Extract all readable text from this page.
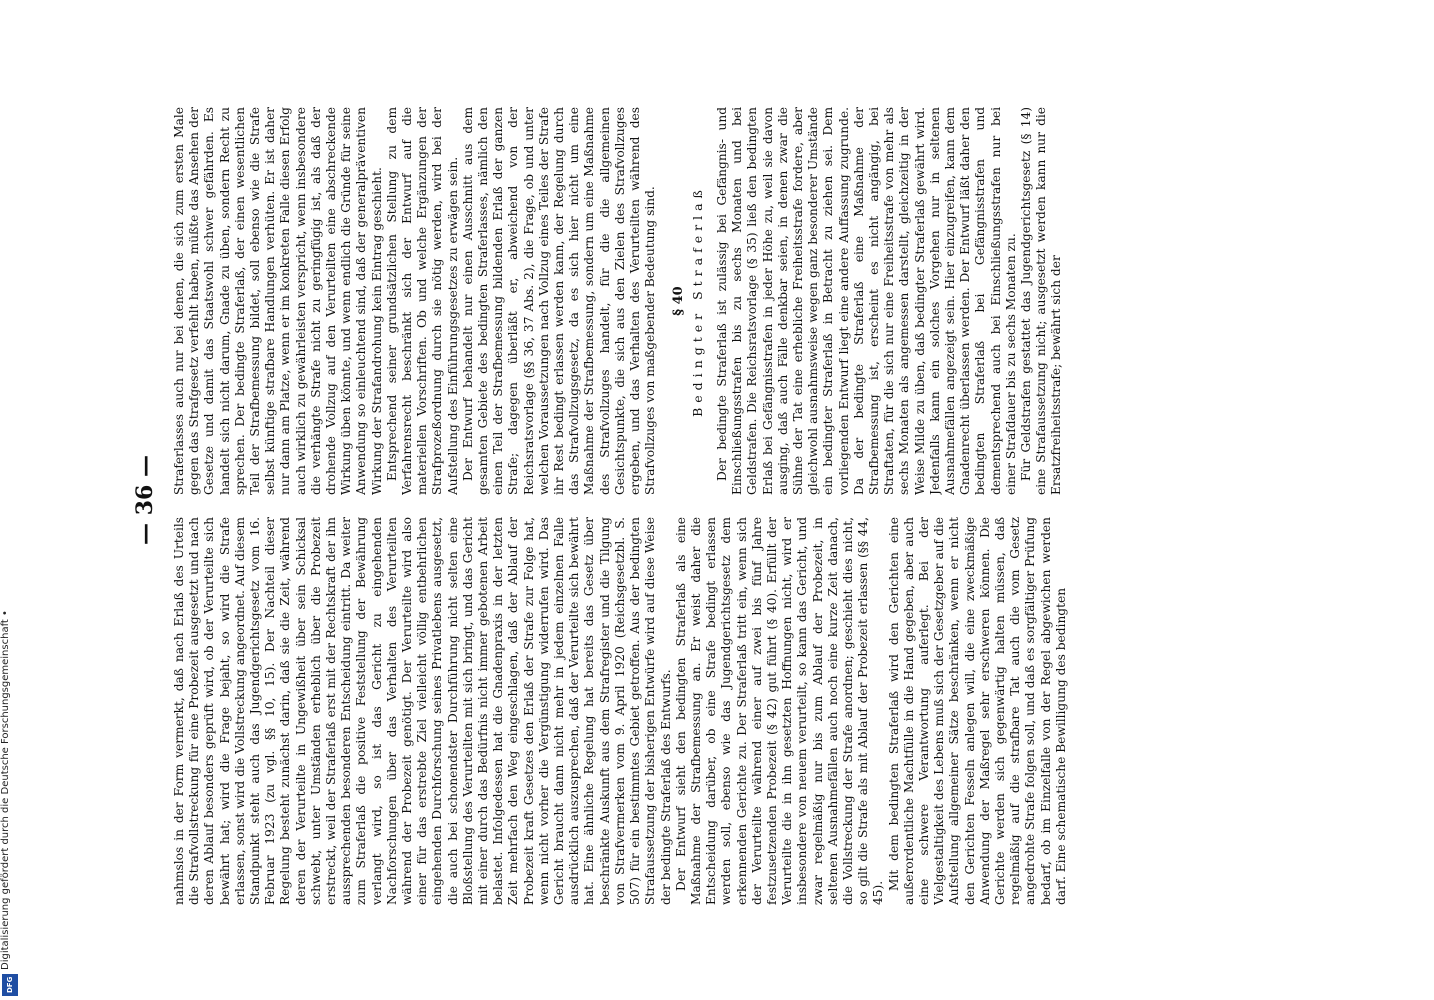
— 36 —

nahmslos in der Form vermerkt, daß nach Erlaß des Urteils die Strafvollstreckung für eine Probezeit ausgesetzt und nach deren Ablauf besonders geprüft wird, ob der Verurteilte sich bewährt hat; wird die Frage bejaht, so wird die Strafe erlassen, sonst wird die Vollstreckung angeordnet. Auf diesem Standpunkt steht auch das Jugendgerichtsgesetz vom 16. Februar 1923 (zu vgl. §§ 10, 15). Der Nachteil dieser Regelung besteht zunächst darin, daß sie die Zeit, während deren der Verurteilte in Ungewißheit über sein Schicksal schwebt, unter Umständen erheblich über die Probezeit erstreckt, weil der Straferlaß erst mit der Rechtskraft der ihn aussprechenden besonderen Entscheidung eintritt. Da weiter zum Straferlaß die positive Feststellung der Bewährung verlangt wird, so ist das Gericht zu eingehenden Nachforschungen über das Verhalten des Verurteilten während der Probezeit genötigt. Der Verurteilte wird also einer für das erstrebte Ziel vielleicht völlig entbehrlichen eingehenden Durchforschung seines Privatlebens ausgesetzt, die auch bei schonendster Durchführung nicht selten eine Bloßstellung des Verurteilten mit sich bringt, und das Gericht mit einer durch das Bedürfnis nicht immer gebotenen Arbeit belastet. Infolgedessen hat die Gnadenpraxis in der letzten Zeit mehrfach den Weg eingeschlagen, daß der Ablauf der Probezeit kraft Gesetzes den Erlaß der Strafe zur Folge hat, wenn nicht vorher die Vergünstigung widerrufen wird. Das Gericht braucht dann nicht mehr in jedem einzelnen Falle ausdrücklich auszusprechen, daß der Verurteilte sich bewährt hat. Eine ähnliche Regelung hat bereits das Gesetz über beschränkte Auskunft aus dem Strafregister und die Tilgung von Strafvermerken vom 9. April 1920 (Reichsgesetzbl. S. 507) für ein bestimmtes Gebiet getroffen. Aus der bedingten Strafaussetzung der bisherigen Entwürfe wird auf diese Weise der bedingte Straferlaß des Entwurfs. Der Entwurf sieht den bedingten Straferlaß als eine Maßnahme der Strafbemessung an. Er weist daher die Entscheidung darüber, ob eine Strafe bedingt erlassen werden soll, ebenso wie das Jugendgerichtsgesetz dem erkennenden Gerichte zu. Der Straferlaß tritt ein, wenn sich der Verurteilte während einer auf zwei bis fünf Jahre festzusetzenden Probezeit (§ 42) gut führt (§ 40). Erfüllt der Verurteilte die in ihn gesetzten Hoffnungen nicht, wird er insbesondere von neuem verurteilt, so kann das Gericht, und zwar regelmäßig nur bis zum Ablauf der Probezeit, in seltenen Ausnahmefällen auch noch eine kurze Zeit danach, die Vollstreckung der Strafe anordnen; geschieht dies nicht, so gilt die Strafe als mit Ablauf der Probezeit erlassen (§§ 44, 45).

Mit dem bedingten Straferlaß wird den Gerichten eine außerordentliche Machtfülle in die Hand gegeben, aber auch eine schwere Verantwortung auferlegt. Bei der Vielgestaltigkeit des Lebens muß sich der Gesetzgeber auf die Aufstellung allgemeiner Sätze beschränken, wenn er nicht den Gerichten Fesseln anlegen will, die eine zweckmäßige Anwendung der Maßregel sehr erschweren können. Die Gerichte werden sich gegenwärtig halten müssen, daß regelmäßig auf die strafbare Tat auch die vom Gesetz angedrohte Strafe folgen soll, und daß es sorgfältiger Prüfung bedarf, ob im Einzelfalle von der Regel abgewichen werden darf. Eine schematische Bewilligung des bedingten

Straferlasses auch nur bei denen, die sich zum ersten Male gegen das Strafgesetz verfehlt haben, müßte das Ansehen der Gesetze und damit das Staatswohl schwer gefährden. Es handelt sich nicht darum, Gnade zu üben, sondern Recht zu sprechen. Der bedingte Straferlaß, der einen wesentlichen Teil der Strafbemessung bildet, soll ebenso wie die Strafe selbst künftige strafbare Handlungen verhüten. Er ist daher nur dann am Platze, wenn er im konkreten Falle diesen Erfolg auch wirklich zu gewährleisten verspricht, wenn insbesondere die verhängte Strafe nicht zu geringfügig ist, als daß der drohende Vollzug auf den Verurteilten eine abschreckende Wirkung üben könnte, und wenn endlich die Gründe für seine Anwendung so einleuchtend sind, daß der generalpräventiven Wirkung der Strafandrohung kein Eintrag geschieht. Entsprechend seiner grundsätzlichen Stellung zu dem Verfahrensrecht beschränkt sich der Entwurf auf die materiellen Vorschriften. Ob und welche Ergänzungen der Strafprozeßordnung durch sie nötig werden, wird bei der Aufstellung des Einführungsgesetzes zu erwägen sein. Der Entwurf behandelt nur einen Ausschnitt aus dem gesamten Gebiete des bedingten Straferlasses, nämlich den einen Teil der Strafbemessung bildenden Erlaß der ganzen Strafe; dagegen überläßt er, abweichend von der Reichsratsvorlage (§§ 36, 37 Abs. 2), die Frage, ob und unter welchen Voraussetzungen nach Vollzug eines Teiles der Strafe ihr Rest bedingt erlassen werden kann, der Regelung durch das Strafvollzugsgesetz, da es sich hier nicht um eine Maßnahme der Strafbemessung, sondern um eine Maßnahme des Strafvollzuges handelt, für die die allgemeinen Gesichtspunkte, die sich aus den Zielen des Strafvollzuges ergeben, und das Verhalten des Verurteilten während des Strafvollzuges von maßgebender Bedeutung sind. § 40 Bedingter Straferlaß Der bedingte Straferlaß ist zulässig bei Gefängnis- und Einschließungsstrafen bis zu sechs Monaten und bei Geldstrafen. Die Reichsratsvorlage (§ 35) ließ den bedingten Erlaß bei Gefängnisstrafen in jeder Höhe zu, weil sie davon ausging, daß auch Fälle denkbar seien, in denen zwar die Sühne der Tat eine erhebliche Freiheitsstrafe fordere, aber gleichwohl ausnahmsweise wegen ganz besonderer Umstände ein bedingter Straferlaß in Betracht zu ziehen sei. Dem vorliegenden Entwurf liegt eine andere Auffassung zugrunde. Da der bedingte Straferlaß eine Maßnahme der Strafbemessung ist, erscheint es nicht angängig, bei Straftaten, für die sich nur eine Freiheitsstrafe von mehr als sechs Monaten als angemessen darstellt, gleichzeitig in der Weise Milde zu üben, daß bedingter Straferlaß gewährt wird. Jedenfalls kann ein solches Vorgehen nur in seltenen Ausnahmefällen angezeigt sein. Hier einzugreifen, kann dem Gnadenrecht überlassen werden. Der Entwurf läßt daher den bedingten Straferlaß bei Gefängnisstrafen und dementsprechend auch bei Einschließungsstrafen nur bei einer Strafdauer bis zu sechs Monaten zu. Für Geldstrafen gestattet das Jugendgerichtsgesetz (§ 14) eine Strafaussetzung nicht; ausgesetzt werden kann nur die Ersatzfreiheitsstrafe; bewährt sich der

Digitalisierung gefördert durch die Deutsche Forschungsgemeinschaft •
DFG
